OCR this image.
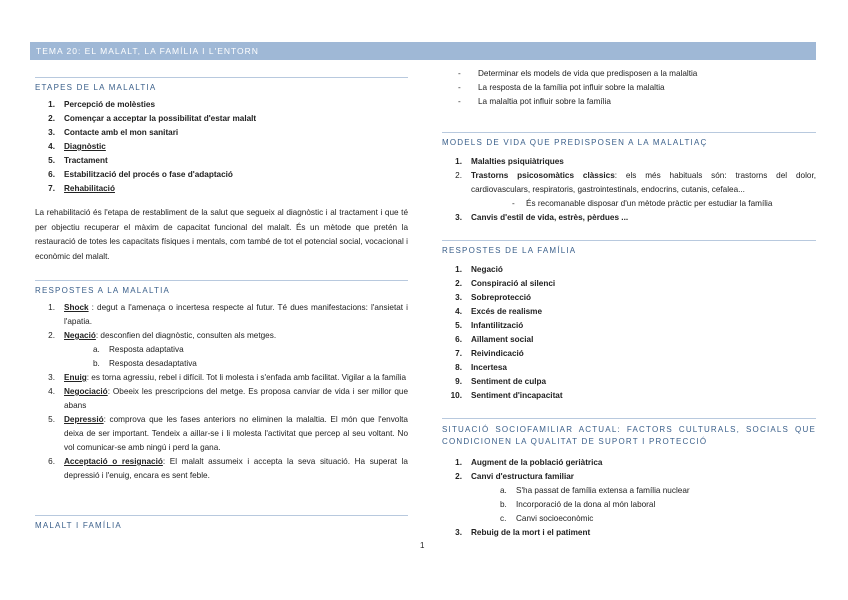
TEMA 20: EL MALALT, LA FAMÍLIA I L'ENTORN
ETAPES DE LA MALALTIA
1. Percepció de molèsties
2. Començar a acceptar la possibilitat d'estar malalt
3. Contacte amb el mon sanitari
4. Diagnòstic
5. Tractament
6. Estabilització del procés o fase d'adaptació
7. Rehabilitació
La rehabilitació és l'etapa de restabliment de la salut que segueix al diagnòstic i al tractament i que té per objectiu recuperar el màxim de capacitat funcional del malalt. És un mètode que pretén la restauració de totes les capacitats físiques i mentals, com també de tot el potencial social, vocacional i econòmic del malalt.
RESPOSTES A LA MALALTIA
1. Shock : degut a l'amenaça o incertesa respecte al futur. Té dues manifestacions: l'ansietat i l'apatia.
2. Negació: desconfien del diagnòstic, consulten als metges.
a. Resposta adaptativa
b. Resposta desadaptativa
3. Enuig: es torna agressiu, rebel i difícil. Tot li molesta i s'enfada amb facilitat. Vigilar a la família
4. Negociació: Obeeix les prescripcions del metge. Es proposa canviar de vida i ser millor que abans
5. Depressió: comprova que les fases anteriors no eliminen la malaltia. El món que l'envolta deixa de ser important. Tendeix a aillar-se i li molesta l'activitat que percep al seu voltant. No vol comunicar-se amb ningú i perd la gana.
6. Acceptació o resignació: El malalt assumeix i accepta la seva situació. Ha superat la depressió i l'enuig, encara es sent feble.
MALALT I FAMÍLIA
- Determinar els models de vida que predisposen a la malaltia
- La resposta de la família pot influir sobre la malaltia
- La malaltia pot influir sobre la família
MODELS DE VIDA QUE PREDISPOSEN A LA MALALTIAÇ
1. Malalties psiquiàtriques
2. Trastorns psicosomàtics clàssics: els més habituals són: trastorns del dolor, cardiovasculars, respiratoris, gastrointestinals, endocrins, cutanis, cefalea...
- És recomanable disposar d'un mètode pràctic per estudiar la família
3. Canvis d'estil de vida, estrès, pèrdues ...
RESPOSTES DE LA FAMÍLIA
1. Negació
2. Conspiració al silenci
3. Sobreprotecció
4. Excés de realisme
5. Infantilització
6. Aïllament social
7. Reivindicació
8. Incertesa
9. Sentiment de culpa
10. Sentiment d'incapacitat
SITUACIÓ SOCIOFAMILIAR ACTUAL: FACTORS CULTURALS, SOCIALS QUE CONDICIONEN LA QUALITAT DE SUPORT I PROTECCIÓ
1. Augment de la població geriàtrica
2. Canvi d'estructura familiar
a. S'ha passat de família extensa a família nuclear
b. Incorporació de la dona al món laboral
c. Canvi socioeconòmic
3. Rebuig de la mort i el patiment
1
